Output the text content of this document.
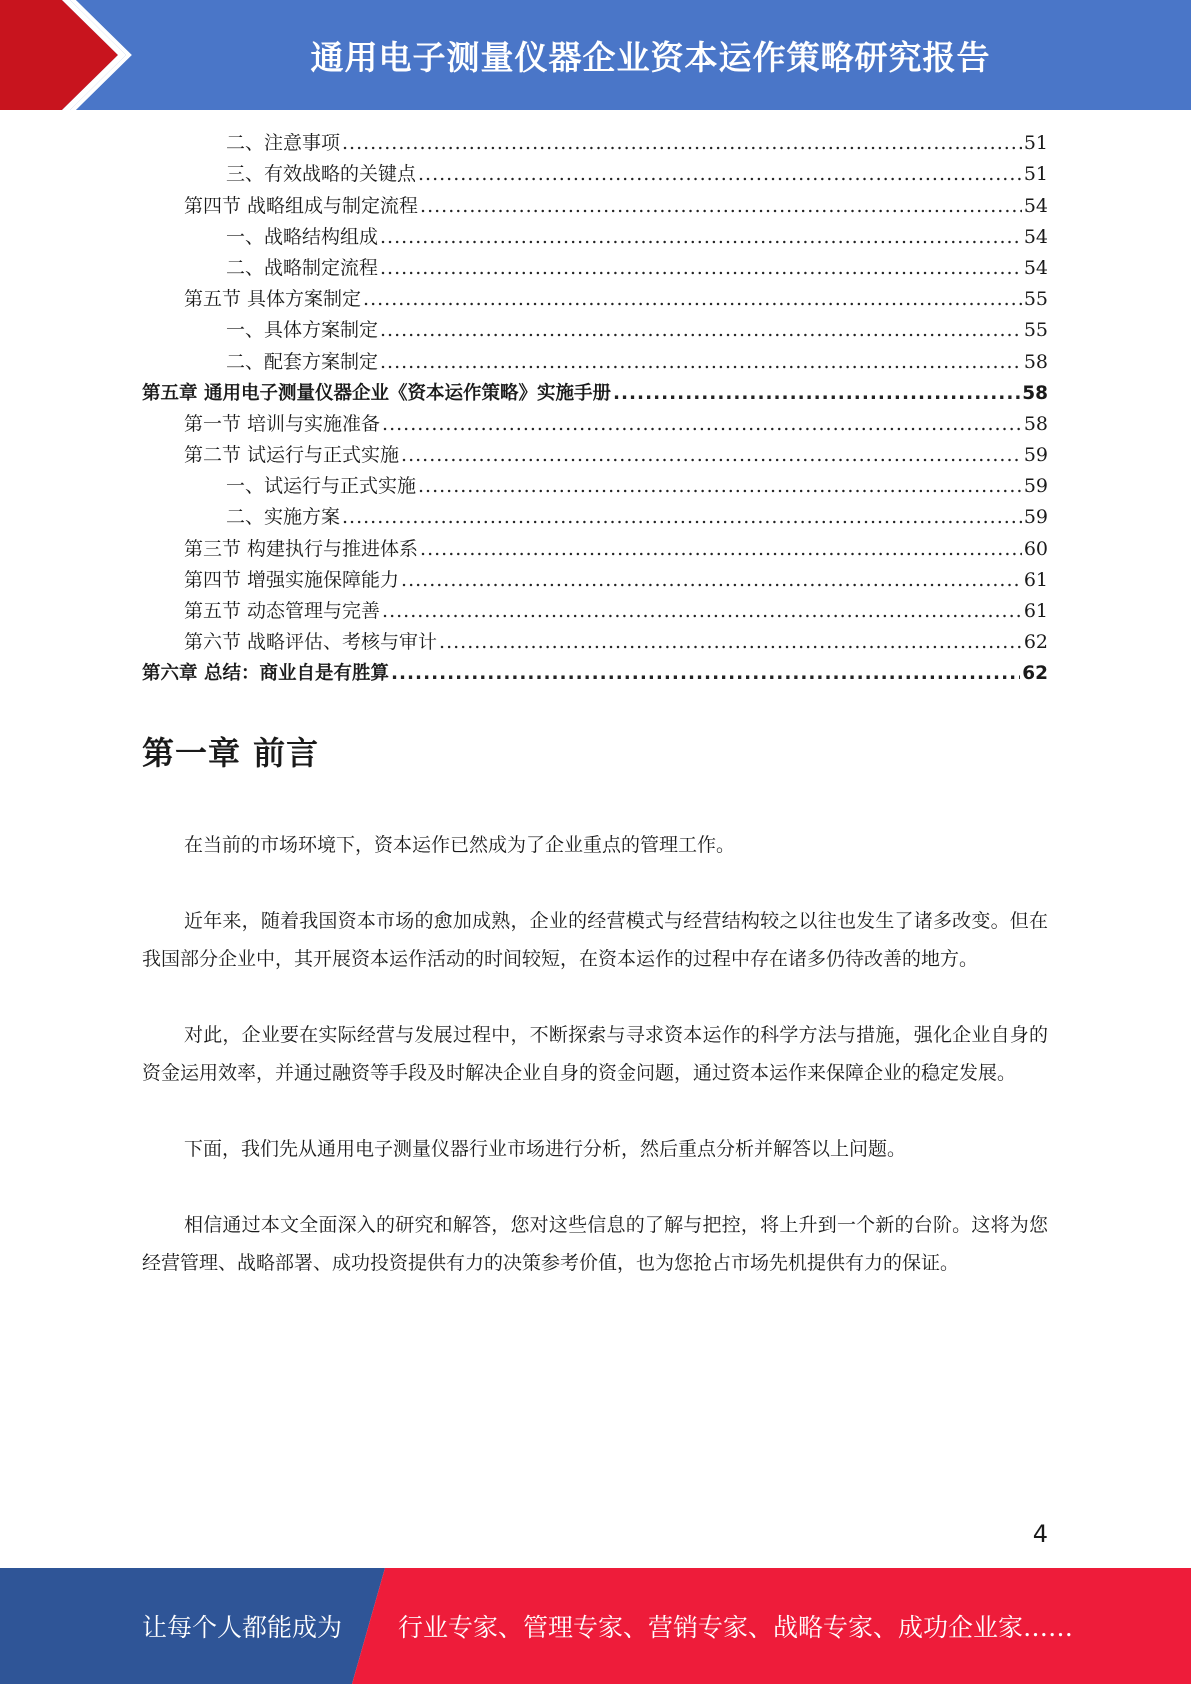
通用电子测量仪器企业资本运作策略研究报告
二、注意事项 .....	51
三、有效战略的关键点 .....	51
第四节 战略组成与制定流程 .....	54
一、战略结构组成 .....	54
二、战略制定流程 .....	54
第五节 具体方案制定 .....	55
一、具体方案制定 .....	55
二、配套方案制定 .....	58
第五章 通用电子测量仪器企业《资本运作策略》实施手册 .....	58
第一节 培训与实施准备 .....	58
第二节 试运行与正式实施 .....	59
一、试运行与正式实施 .....	59
二、实施方案 .....	59
第三节 构建执行与推进体系 .....	60
第四节 增强实施保障能力 .....	61
第五节 动态管理与完善 .....	61
第六节 战略评估、考核与审计 .....	62
第六章 总结：商业自是有胜算 .....	62
第一章 前言

在当前的市场环境下，资本运作已然成为了企业重点的管理工作。

近年来，随着我国资本市场的愈加成熟，企业的经营模式与经营结构较之以往也发生了诸多改变。但在我国部分企业中，其开展资本运作活动的时间较短，在资本运作的过程中存在诸多仍待改善的地方。

对此，企业要在实际经营与发展过程中，不断探索与寻求资本运作的科学方法与措施，强化企业自身的资金运用效率，并通过融资等手段及时解决企业自身的资金问题，通过资本运作来保障企业的稳定发展。

下面，我们先从通用电子测量仪器行业市场进行分析，然后重点分析并解答以上问题。

相信通过本文全面深入的研究和解答，您对这些信息的了解与把控，将上升到一个新的台阶。这将为您经营管理、战略部署、成功投资提供有力的决策参考价值，也为您抢占市场先机提供有力的保证。

4
让每个人都能成为 行业专家、管理专家、营销专家、战略专家、成功企业家……
